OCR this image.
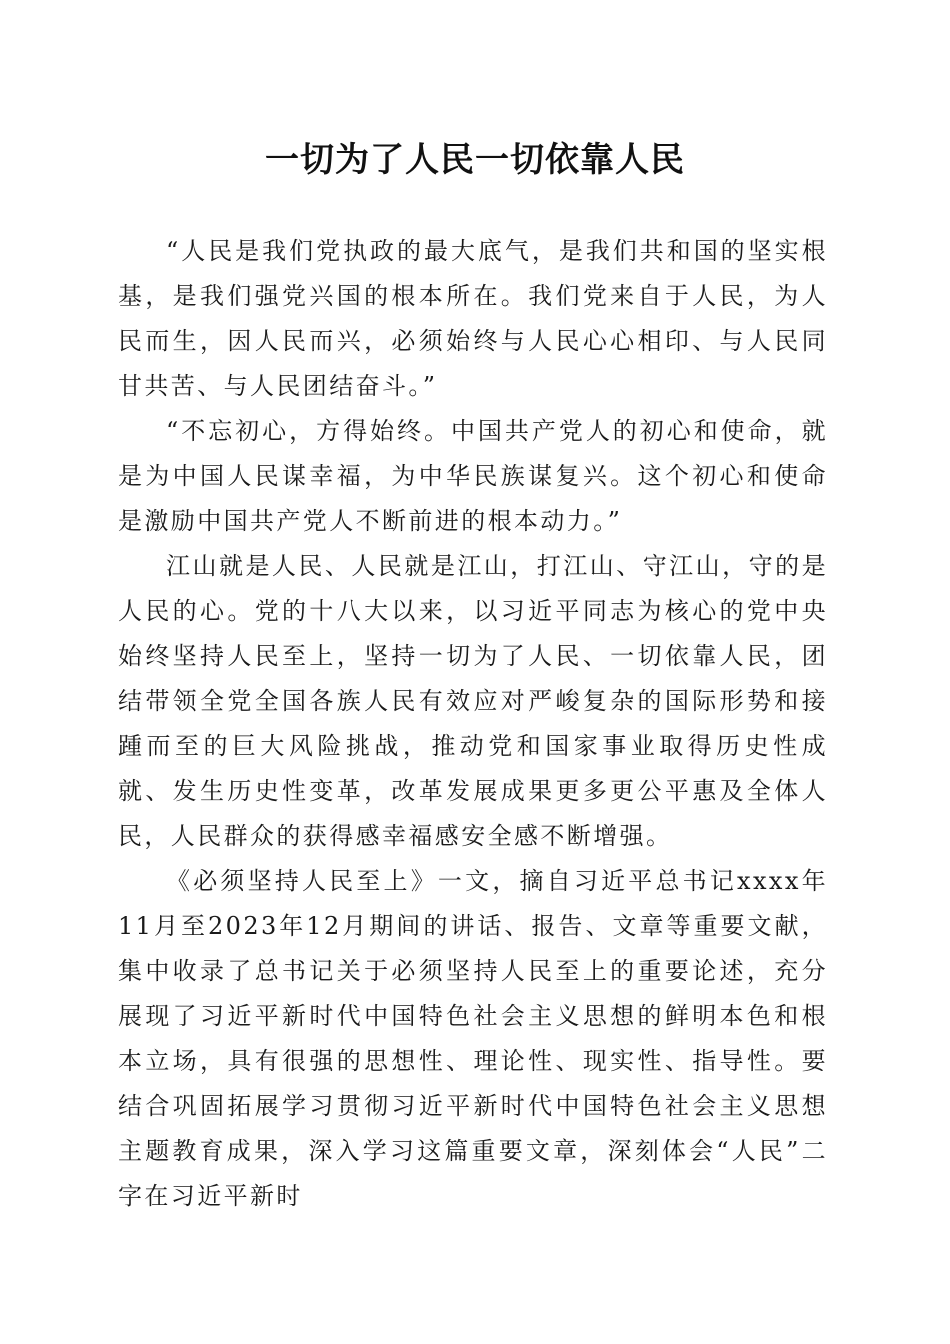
一切为了人民一切依靠人民

“人民是我们党执政的最大底气，是我们共和国的坚实根基，是我们强党兴国的根本所在。我们党来自于人民，为人民而生，因人民而兴，必须始终与人民心心相印、与人民同甘共苦、与人民团结奋斗。”

“不忘初心，方得始终。中国共产党人的初心和使命，就是为中国人民谋幸福，为中华民族谋复兴。这个初心和使命是激励中国共产党人不断前进的根本动力。”

江山就是人民、人民就是江山，打江山、守江山，守的是人民的心。党的十八大以来，以习近平同志为核心的党中央始终坚持人民至上，坚持一切为了人民、一切依靠人民，团结带领全党全国各族人民有效应对严峻复杂的国际形势和接踵而至的巨大风险挑战，推动党和国家事业取得历史性成就、发生历史性变革，改革发展成果更多更公平惠及全体人民，人民群众的获得感幸福感安全感不断增强。

《必须坚持人民至上》一文，摘自习近平总书记xxxx年11月至2023年12月期间的讲话、报告、文章等重要文献，集中收录了总书记关于必须坚持人民至上的重要论述，充分展现了习近平新时代中国特色社会主义思想的鲜明本色和根本立场，具有很强的思想性、理论性、现实性、指导性。要结合巩固拓展学习贯彻习近平新时代中国特色社会主义思想主题教育成果，深入学习这篇重要文章，深刻体会“人民”二字在习近平新时
